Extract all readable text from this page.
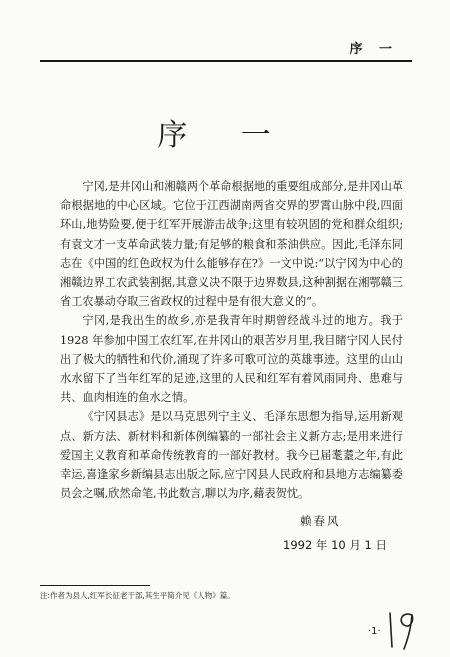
序 一
序 一

宁冈,是井冈山和湘赣两个革命根据地的重要组成部分,是井冈山革命根据地的中心区域。它位于江西湖南两省交界的罗霄山脉中段,四面环山,地势险要,便于红军开展游击战争;这里有较巩固的党和群众组织;有袁文才一支革命武装力量;有足够的粮食和茶油供应。因此,毛泽东同志在《中国的红色政权为什么能够存在?》一文中说:“以宁冈为中心的湘赣边界工农武装割据,其意义决不限于边界数县,这种割据在湘鄂赣三省工农暴动夺取三省政权的过程中是有很大意义的”。

宁冈,是我出生的故乡,亦是我青年时期曾经战斗过的地方。我于 1928 年参加中国工农红军,在井冈山的艰苦岁月里,我目睹宁冈人民付出了极大的牺牲和代价,涌现了许多可歌可泣的英雄事迹。这里的山山水水留下了当年红军的足迹,这里的人民和红军有着风雨同舟、患难与共、血肉相连的鱼水之情。

《宁冈县志》是以马克思列宁主义、毛泽东思想为指导,运用新观点、新方法、新材料和新体例编纂的一部社会主义新方志;是用来进行爱国主义教育和革命传统教育的一部好教材。我今已届耄耋之年,有此幸运,喜逢家乡新编县志出版之际,应宁冈县人民政府和县地方志编纂委员会之嘱,欣然命笔,书此数言,聊以为序,藉表贺忱。

赖春风
1992 年 10 月 1 日
注:作者为县人,红军长征老干部,其生平简介见《人物》篇。
·1·
